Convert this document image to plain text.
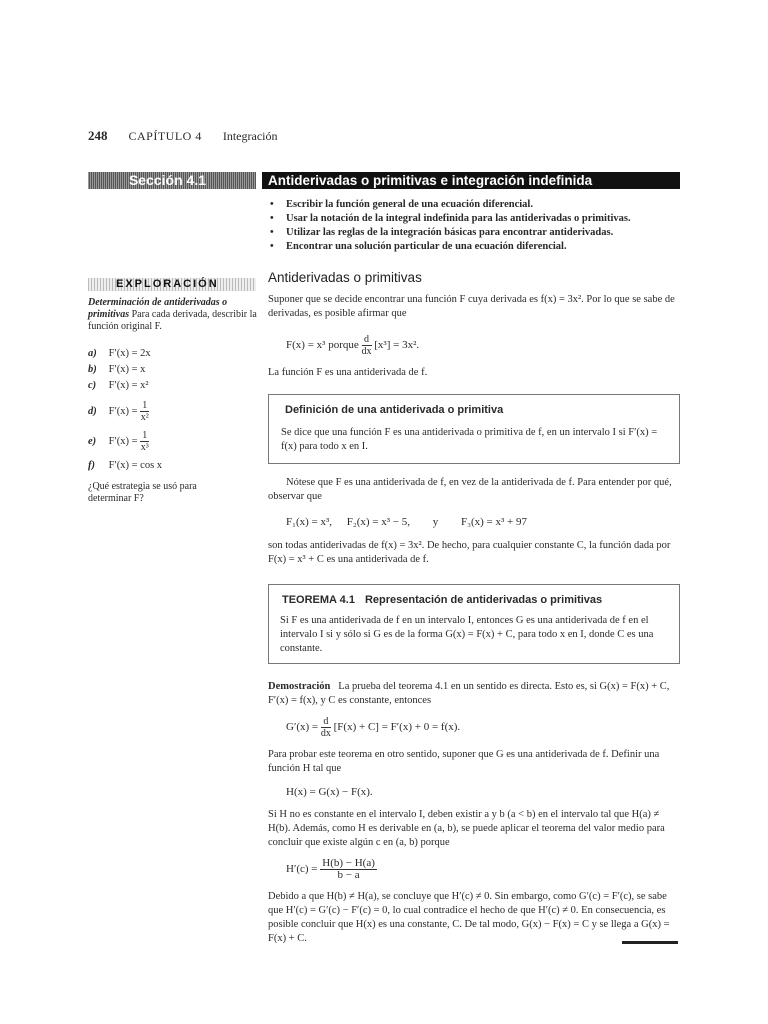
248 CAPÍTULO 4 Integración
Sección 4.1	Antiderivadas o primitivas e integración indefinida
• Escribir la función general de una ecuación diferencial.
• Usar la notación de la integral indefinida para las antiderivadas o primitivas.
• Utilizar las reglas de la integración básicas para encontrar antiderivadas.
• Encontrar una solución particular de una ecuación diferencial.
EXPLORACIÓN
Determinación de antiderivadas o primitivas Para cada derivada, describir la función original F.
a) F′(x) = 2x
b) F′(x) = x
c) F′(x) = x²
d) $F'(x) = \frac{1}{\text{x²}}$
e) $F'(x) = \frac{1}{\text{x³}}$
f) F′(x) = cos x
¿Qué estrategia se usó para determinar F?
Antiderivadas o primitivas
Suponer que se decide encontrar una función F cuya derivada es f(x) = 3x². Por lo que se sabe de derivadas, es posible afirmar que
F(x) = x³ porque $\frac{d}{dx} [x^3] = 3x^2$.
La función F es una antiderivada de f.
Definición de una antiderivada o primitiva
Se dice que una función F es una antiderivada o primitiva de f, en un intervalo I si F′(x) = f(x) para todo x en I.
Nótese que F es una antiderivada de f, en vez de la antiderivada de f. Para entender por qué, observar que
F₁(x) = x³, F₂(x) = x³ − 5, y F₃(x) = x³ + 97
son todas antiderivadas de f(x) = 3x². De hecho, para cualquier constante C, la función dada por F(x) = x³ + C es una antiderivada de f.
TEOREMA 4.1 Representación de antiderivadas o primitivas
Si F es una antiderivada de f en un intervalo I, entonces G es una antiderivada de f en el intervalo I si y sólo si G es de la forma G(x) = F(x) + C, para todo x en I, donde C es una constante.
Demostración La prueba del teorema 4.1 en un sentido es directa. Esto es, si G(x) = F(x) + C, F′(x) = f(x), y C es constante, entonces
$G'(x) = \frac{d}{dx} [F(x) + C] = F'(x) + 0 = f(x)$.
Para probar este teorema en otro sentido, suponer que G es una antiderivada de f. Definir una función H tal que
H(x) = G(x) − F(x).
Si H no es constante en el intervalo I, deben existir a y b (a < b) en el intervalo tal que H(a) ≠ H(b). Además, como H es derivable en (a, b), se puede aplicar el teorema del valor medio para concluir que existe algún c en (a, b) porque
$H'(c) = \frac{H(b) - H(a)}{b - a}$
Debido a que H(b) ≠ H(a), se concluye que H′(c) ≠ 0. Sin embargo, como G′(c) = F′(c), se sabe que H′(c) = G′(c) − F′(c) = 0, lo cual contradice el hecho de que H′(c) ≠ 0. En consecuencia, es posible concluir que H(x) es una constante, C. De tal modo, G(x) − F(x) = C y se llega a G(x) = F(x) + C.
